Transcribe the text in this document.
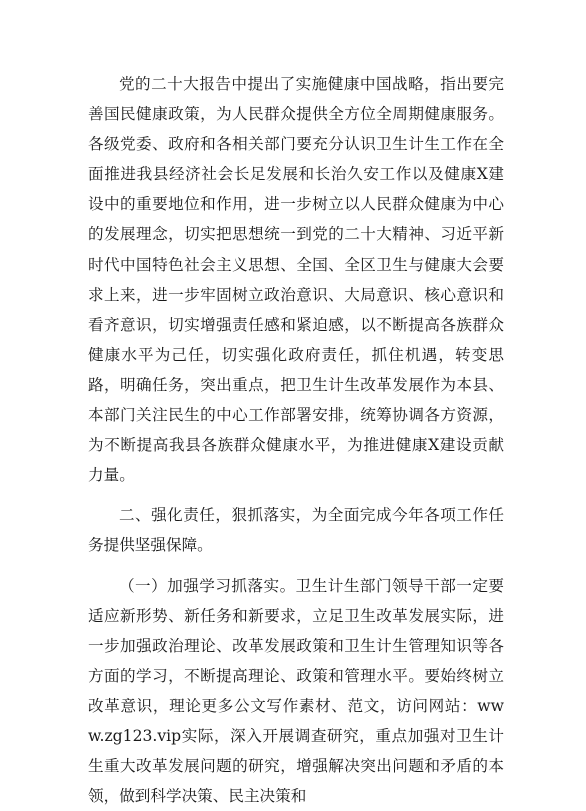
党的二十大报告中提出了实施健康中国战略，指出要完善国民健康政策，为人民群众提供全方位全周期健康服务。各级党委、政府和各相关部门要充分认识卫生计生工作在全面推进我县经济社会长足发展和长治久安工作以及健康X建设中的重要地位和作用，进一步树立以人民群众健康为中心的发展理念，切实把思想统一到党的二十大精神、习近平新时代中国特色社会主义思想、全国、全区卫生与健康大会要求上来，进一步牢固树立政治意识、大局意识、核心意识和看齐意识，切实增强责任感和紧迫感，以不断提高各族群众健康水平为己任，切实强化政府责任，抓住机遇，转变思路，明确任务，突出重点，把卫生计生改革发展作为本县、本部门关注民生的中心工作部署安排，统筹协调各方资源，为不断提高我县各族群众健康水平，为推进健康X建设贡献力量。

二、强化责任，狠抓落实，为全面完成今年各项工作任务提供坚强保障。

（一）加强学习抓落实。卫生计生部门领导干部一定要适应新形势、新任务和新要求，立足卫生改革发展实际，进一步加强政治理论、改革发展政策和卫生计生管理知识等各方面的学习，不断提高理论、政策和管理水平。要始终树立改革意识，理论更多公文写作素材、范文，访问网站：www.zg123.vip实际，深入开展调查研究，重点加强对卫生计生重大改革发展问题的研究，增强解决突出问题和矛盾的本领，做到科学决策、民主决策和
